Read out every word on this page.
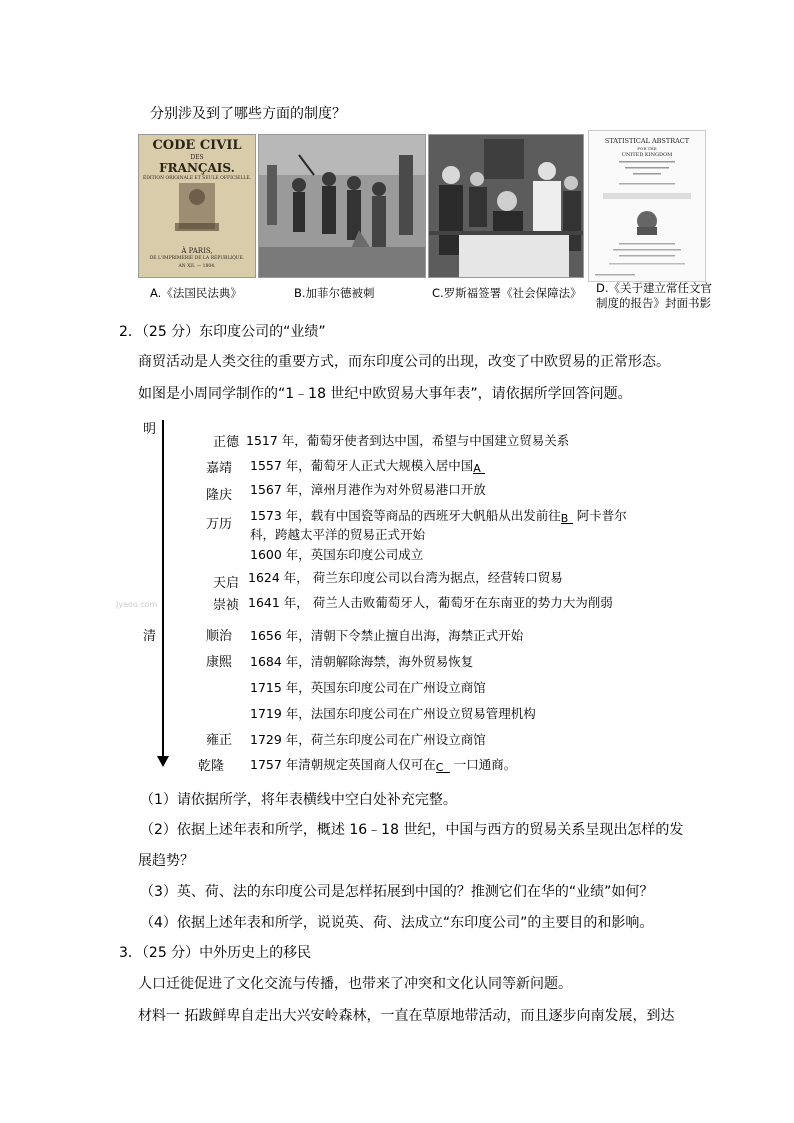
分别涉及到了哪些方面的制度？
CODE CIVIL
DES
FRANÇAIS.
ÉDITION ORIGINALE ET SEULE OFFICIELLE.
À PARIS,
DE L'IMPRIMERIE DE LA RÉPUBLIQUE.
AN XII. — 1804.
A.《法国民法典》	B.加菲尔德被刺	C.罗斯福签署《社会保障法》
STATISTICAL ABSTRACT
FOR THE
UNITED KINGDOM
D.《关于建立常任文官
制度的报告》封面书影
2．（25 分）东印度公司的“业绩”
商贸活动是人类交往的重要方式，而东印度公司的出现，改变了中欧贸易的正常形态。
如图是小周同学制作的“1﹣18 世纪中欧贸易大事年表”，请依据所学回答问题。
明
清
Jyeoo.com
正德 1517 年，葡萄牙使者到达中国，希望与中国建立贸易关系
嘉靖 1557 年，葡萄牙人正式大规模入居中国A
隆庆 1567 年，漳州月港作为对外贸易港口开放
万历
1573 年，载有中国瓷等商品的西班牙大帆船从出发前往B 阿卡普尔
科，跨越太平洋的贸易正式开始
1600 年，英国东印度公司成立
天启 1624 年， 荷兰东印度公司以台湾为据点，经营转口贸易
崇祯 1641 年， 荷兰人击败葡萄牙人，葡萄牙在东南亚的势力大为削弱
顺治 1656 年，清朝下令禁止擅自出海，海禁正式开始
康熙 1684 年，清朝解除海禁，海外贸易恢复
1715 年，英国东印度公司在广州设立商馆
1719 年，法国东印度公司在广州设立贸易管理机构
雍正 1729 年，荷兰东印度公司在广州设立商馆
乾隆 1757 年清朝规定英国商人仅可在C 一口通商。
（1）请依据所学，将年表横线中空白处补充完整。
（2）依据上述年表和所学，概述 16﹣18 世纪，中国与西方的贸易关系呈现出怎样的发
展趋势？
（3）英、荷、法的东印度公司是怎样拓展到中国的？推测它们在华的“业绩”如何？
（4）依据上述年表和所学，说说英、荷、法成立“东印度公司”的主要目的和影响。
3．（25 分）中外历史上的移民
人口迁徙促进了文化交流与传播，也带来了冲突和文化认同等新问题。
材料一 拓跋鲜卑自走出大兴安岭森林，一直在草原地带活动，而且逐步向南发展，到达
